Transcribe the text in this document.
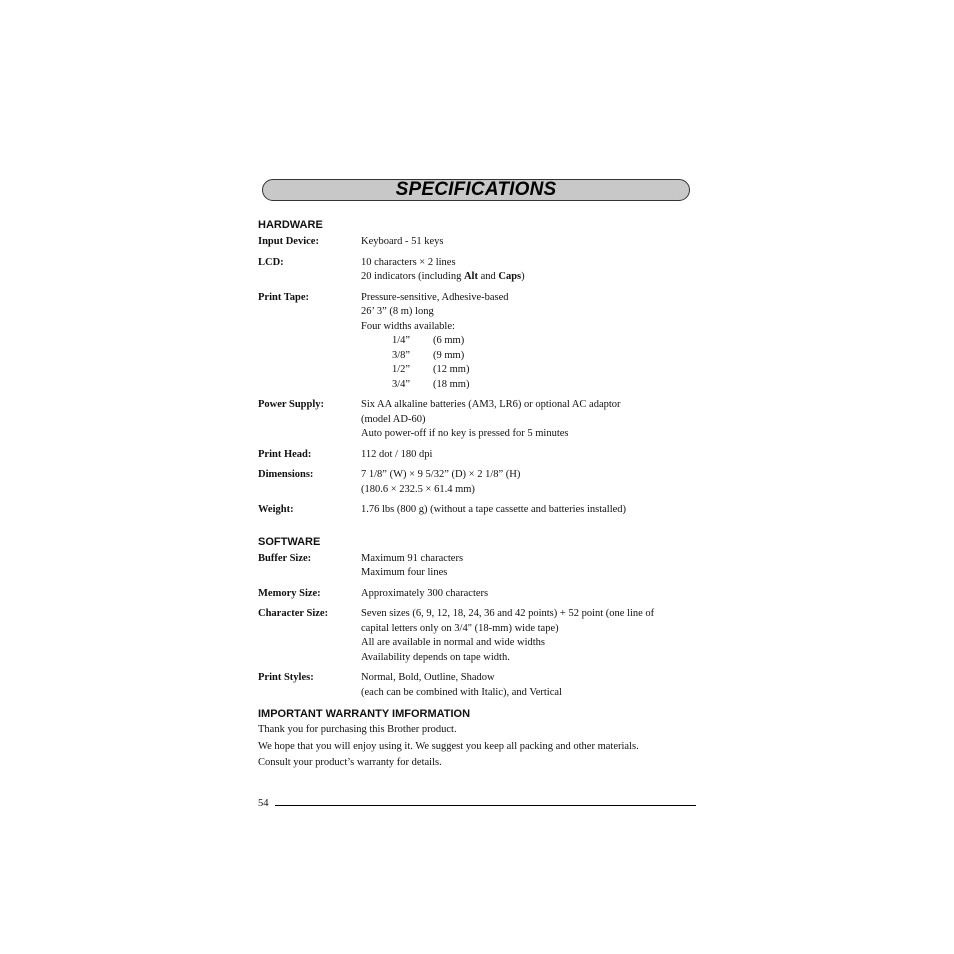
SPECIFICATIONS
HARDWARE
Input Device:	Keyboard - 51 keys
LCD:	10 characters × 2 lines
20 indicators (including Alt and Caps)
Print Tape:	Pressure-sensitive, Adhesive-based
26’ 3” (8 m) long
Four widths available:
1/4”	(6 mm)
3/8”	(9 mm)
1/2”	(12 mm)
3/4”	(18 mm)
Power Supply:	Six AA alkaline batteries (AM3, LR6) or optional AC adaptor
(model AD-60)
Auto power-off if no key is pressed for 5 minutes
Print Head:	112 dot / 180 dpi
Dimensions:	7 1/8” (W) × 9 5/32” (D) × 2 1/8” (H)
(180.6 × 232.5 × 61.4 mm)
Weight:	1.76 lbs (800 g) (without a tape cassette and batteries installed)
SOFTWARE
Buffer Size:	Maximum 91 characters
Maximum four lines
Memory Size:	Approximately 300 characters
Character Size:	Seven sizes (6, 9, 12, 18, 24, 36 and 42 points) + 52 point (one line of
capital letters only on 3/4" (18-mm) wide tape)
All are available in normal and wide widths
Availability depends on tape width.
Print Styles:	Normal, Bold, Outline, Shadow
(each can be combined with Italic), and Vertical
IMPORTANT WARRANTY IMFORMATION
Thank you for purchasing this Brother product.
We hope that you will enjoy using it. We suggest you keep all packing and other materials.
Consult your product’s warranty for details.
54
